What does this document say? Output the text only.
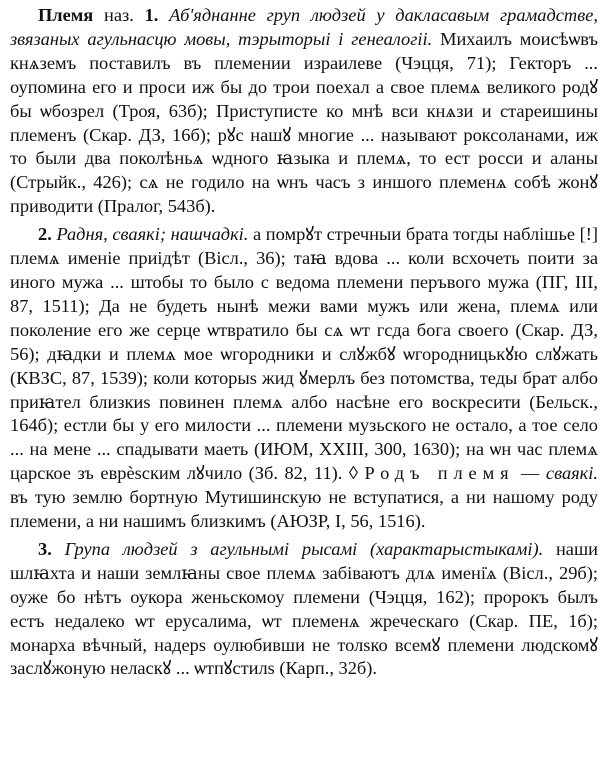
Племя наз. 1. Аб'яднанне груп людзей у дакласавым грамадстве, звязаных агульнасцю мовы, тэрыторыі і генеалогіі. Михаилъ моисѣѡвъ кнѧземъ поставилъ въ племении израилеве (Чэцця, 71); Гекторъ ... оупомина его и проси иж бы до трои поехал а свое племѧ великого родꙋ бы ѡбозрел (Троя, 63б); Приступисте ко мнѣ вси кнѧзи и стареишины племенъ (Скар. ДЗ, 16б); рꙋс нашꙋ многие ... называют роксоланами, иж то были два поколѣньѧ ѡдного ꙗзыка и племѧ, то ест росси и аланы (Стрыйк., 426); сѧ не годило на ѡнъ часъ з иншого племенѧ собѣ жонꙋ приводити (Пралог, 543б).

2. Радня, сваякі; нашчадкі. а помрꙋт стречныи брата тогды наблішье [!] племѧ именіе приідѣт (Вісл., 36); таꙗ вдова ... коли всхочеть поити за иного мужа ... штобы то было с ведома племени перъвого мужа (ПГ, III, 87, 1511); Да не будеть нынѣ межи вами мужъ или жена, племѧ или поколение его же серце ѡтвратило бы сѧ ѡт гсда бога своего (Скар. ДЗ, 56); дꙗдки и племѧ мое ѡгородники и слꙋжбꙋ ѡгородницькꙋю слꙋжать (КВЗС, 87, 1539); коли которыѕ жид ꙋмерлъ без потомства, теды брат албо приꙗтел близкиѕ повинен племѧ албо насѣне его воскресити (Бельск., 164б); естли бы у его милости ... племени музьского не остало, а тое село ... на мене ... спадывати маеть (ИЮМ, XXIII, 300, 1630); на ѡн час племѧ царское зъ еврѐѕским лꙋчило (Зб. 82, 11). ◊ Родъ племя — сваякі. въ тую землю бортную Мутишинскую не вступатися, а ни нашому роду племени, а ни нашимъ близкимъ (АЮЗР, I, 56, 1516).

3. Група людзей з агульнымі рысамі (характарыстыкамі). наши шлꙗхта и наши землꙗны свое племѧ забіваютъ длѧ имені̇ѧ (Вісл., 29б); оуже бо нѣтъ оукора женьскомоу племени (Чэцця, 162); пророкъ былъ естъ недалеко ѡт ерусалима, ѡт племенѧ жреческаго (Скар. ПЕ, 1б); монарха вѣчный, надерѕ оулюбивши не толѕко всемꙋ племени людскомꙋ заслꙋжоную неласкꙋ ... ѡтпꙋстилѕ (Карп., 32б).
